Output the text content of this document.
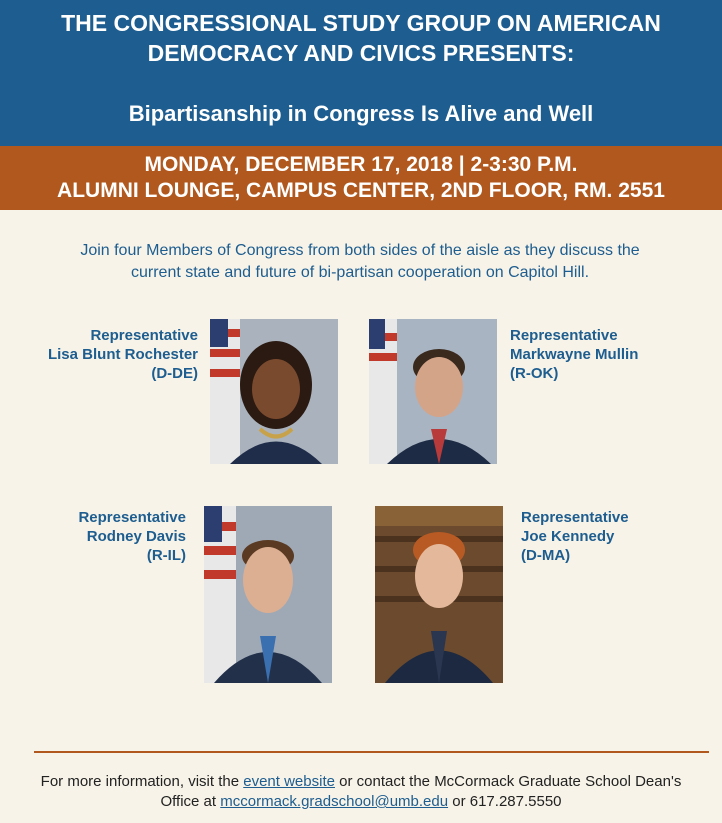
THE CONGRESSIONAL STUDY GROUP ON AMERICAN
DEMOCRACY AND CIVICS PRESENTS:
Bipartisanship in Congress Is Alive and Well
MONDAY, DECEMBER 17, 2018 | 2-3:30 P.M.
ALUMNI LOUNGE, CAMPUS CENTER, 2ND FLOOR, RM. 2551
Join four Members of Congress from both sides of the aisle as they discuss the
current state and future of bi-partisan cooperation on Capitol Hill.
Representative
Lisa Blunt Rochester
(D-DE)
Representative
Markwayne Mullin
(R-OK)
Representative
Rodney Davis
(R-IL)
Representative
Joe Kennedy
(D-MA)
For more information, visit the event website or contact the McCormack Graduate School Dean's
Office at mccormack.gradschool@umb.edu or 617.287.5550
